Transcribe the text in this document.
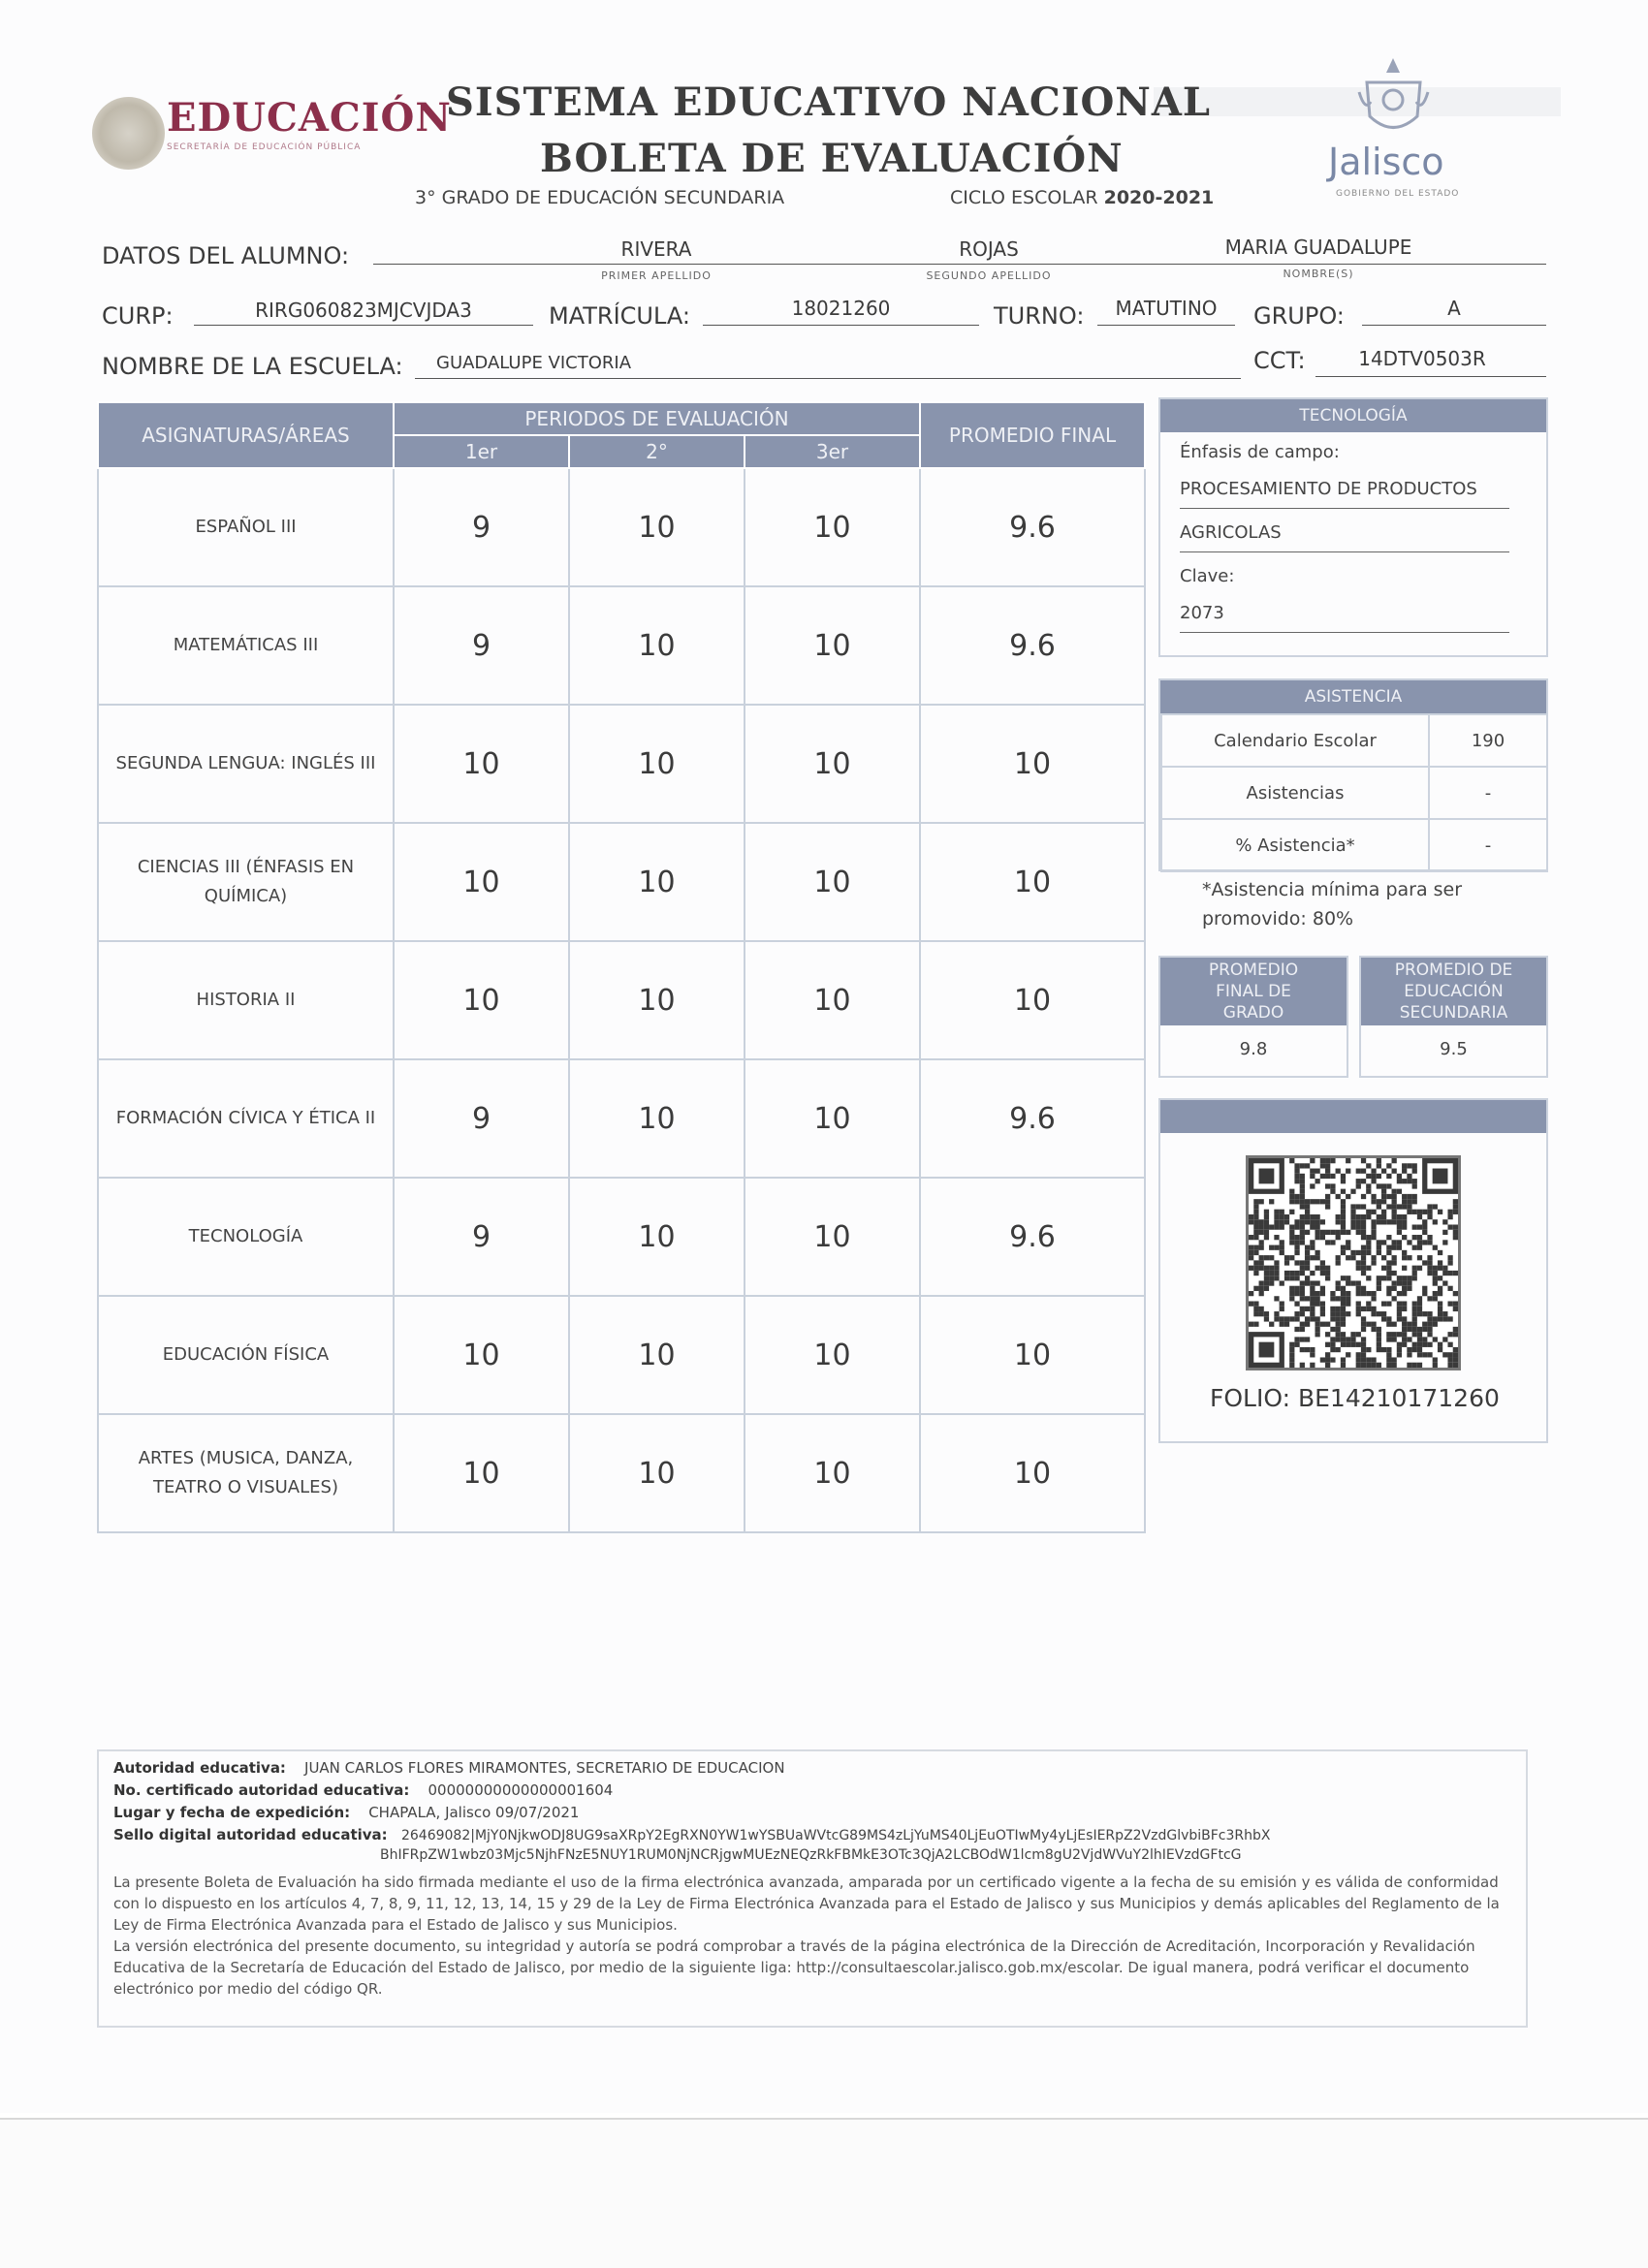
EDUCACIÓN
SECRETARÍA DE EDUCACIÓN PÚBLICA
SISTEMA EDUCATIVO NACIONAL
BOLETA DE EVALUACIÓN
3° GRADO DE EDUCACIÓN SECUNDARIA	CICLO ESCOLAR 2020-2021
Jalisco
GOBIERNO DEL ESTADO
DATOS DEL ALUMNO:	RIVERA
PRIMER APELLIDO
ROJAS
SEGUNDO APELLIDO
MARIA GUADALUPE
NOMBRE(S)
CURP:	RIRG060823MJCVJDA3	MATRÍCULA:	18021260	TURNO:	MATUTINO	GRUPO:	A
NOMBRE DE LA ESCUELA: GUADALUPE VICTORIA	CCT:	14DTV0503R
ASIGNATURAS/ÁREAS	PERIODOS DE EVALUACIÓN			PROMEDIO FINAL
	1er	2°	3er	
ESPAÑOL III	9	10	10	9.6
MATEMÁTICAS III	9	10	10	9.6
SEGUNDA LENGUA: INGLÉS III	10	10	10	10
CIENCIAS III (ÉNFASIS EN QUÍMICA)	10	10	10	10
HISTORIA II	10	10	10	10
FORMACIÓN CÍVICA Y ÉTICA II	9	10	10	9.6
TECNOLOGÍA	9	10	10	9.6
EDUCACIÓN FÍSICA	10	10	10	10
ARTES (MUSICA, DANZA, TEATRO O VISUALES)	10	10	10	10
TECNOLOGÍA
Énfasis de campo:
PROCESAMIENTO DE PRODUCTOS
AGRICOLAS
Clave:
2073
ASISTENCIA
Calendario Escolar	190
Asistencias	-
% Asistencia*	-
*Asistencia mínima para ser promovido: 80%
PROMEDIO FINAL DE GRADO
9.8
PROMEDIO DE EDUCACIÓN SECUNDARIA
9.5
FOLIO: BE14210171260
Autoridad educativa: JUAN CARLOS FLORES MIRAMONTES, SECRETARIO DE EDUCACION
No. certificado autoridad educativa: 00000000000000001604
Lugar y fecha de expedición: CHAPALA, Jalisco 09/07/2021
Sello digital autoridad educativa: 26469082|MjY0NjkwODJ8UG9saXRpY2EgRXN0YW1wYSBUaWVtcG89MS4zLjYuMS40LjEuOTIwMy4yLjEsIERpZ2VzdGlvbiBFc3RhbX
BhIFRpZW1wbz03Mjc5NjhFNzE5NUY1RUM0NjNCRjgwMUEzNEQzRkFBMkE3OTc3QjA2LCBOdW1lcm8gU2VjdWVuY2lhIEVzdGFtcG
La presente Boleta de Evaluación ha sido firmada mediante el uso de la firma electrónica avanzada, amparada por un certificado vigente a la fecha de su emisión y es válida de conformidad con lo dispuesto en los artículos 4, 7, 8, 9, 11, 12, 13, 14, 15 y 29 de la Ley de Firma Electrónica Avanzada para el Estado de Jalisco y sus Municipios y demás aplicables del Reglamento de la Ley de Firma Electrónica Avanzada para el Estado de Jalisco y sus Municipios.
La versión electrónica del presente documento, su integridad y autoría se podrá comprobar a través de la página electrónica de la Dirección de Acreditación, Incorporación y Revalidación Educativa de la Secretaría de Educación del Estado de Jalisco, por medio de la siguiente liga: http://consultaescolar.jalisco.gob.mx/escolar. De igual manera, podrá verificar el documento electrónico por medio del código QR.
